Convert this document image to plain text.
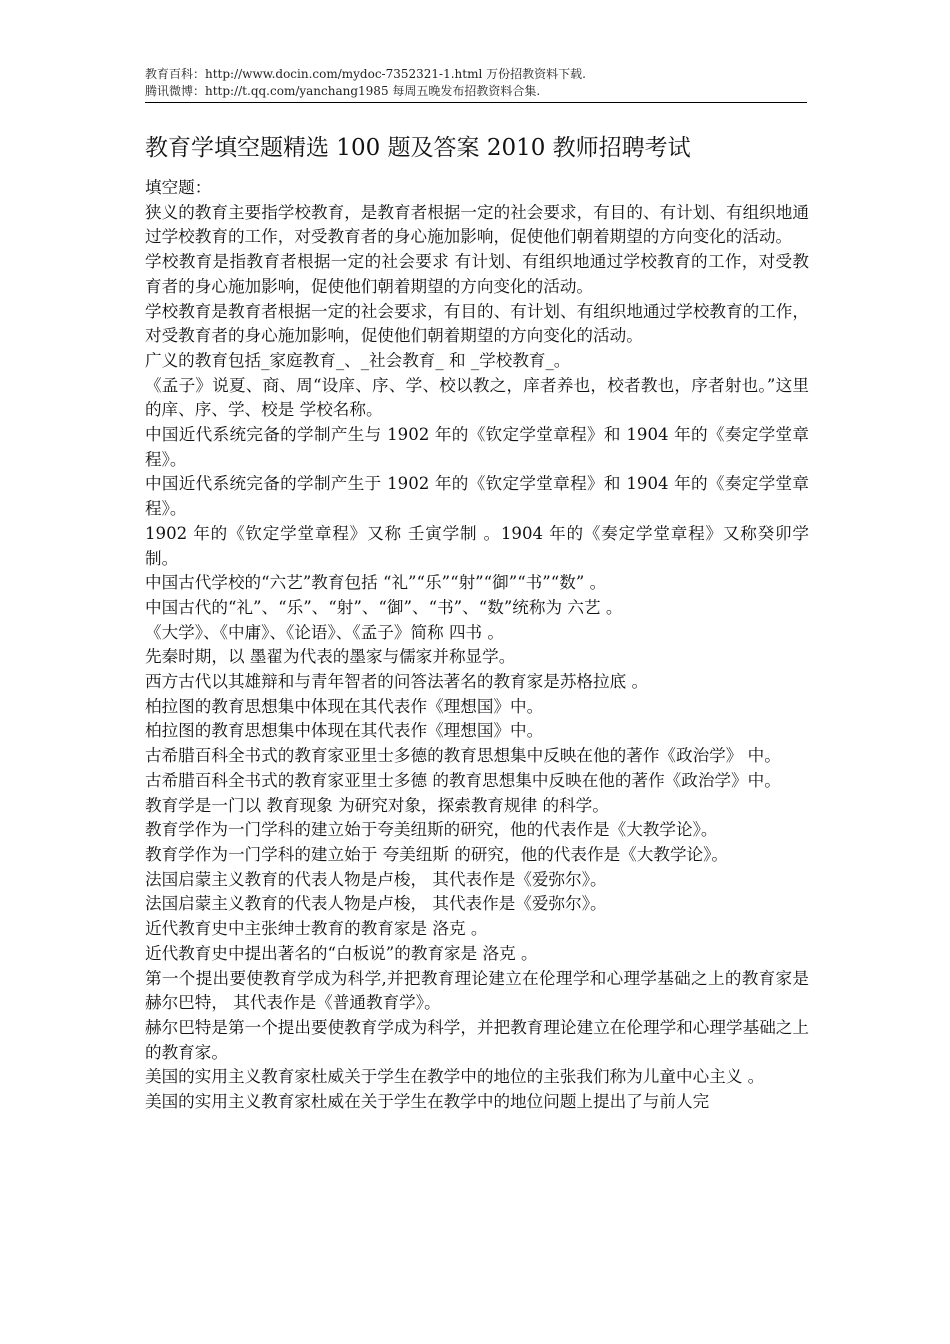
教育百科：http://www.docin.com/mydoc-7352321-1.html 万份招教资料下载.
腾讯微博：http://t.qq.com/yanchang1985 每周五晚发布招教资料合集.
教育学填空题精选 100 题及答案 2010 教师招聘考试

填空题：

狭义的教育主要指学校教育，是教育者根据一定的社会要求，有目的、有计划、有组织地通过学校教育的工作，对受教育者的身心施加影响，促使他们朝着期望的方向变化的活动。

学校教育是指教育者根据一定的社会要求 有计划、有组织地通过学校教育的工作，对受教育者的身心施加影响，促使他们朝着期望的方向变化的活动。

学校教育是教育者根据一定的社会要求，有目的、有计划、有组织地通过学校教育的工作，对受教育者的身心施加影响，促使他们朝着期望的方向变化的活动。

广义的教育包括_家庭教育_、_社会教育_ 和 _学校教育_。

《孟子》说夏、商、周“设庠、序、学、校以教之，庠者养也，校者教也，序者射也。”这里的庠、序、学、校是 学校名称。

中国近代系统完备的学制产生与 1902 年的《钦定学堂章程》和 1904 年的《奏定学堂章程》。

中国近代系统完备的学制产生于 1902 年的《钦定学堂章程》和 1904 年的《奏定学堂章程》。

1902 年的《钦定学堂章程》又称 壬寅学制 。1904 年的《奏定学堂章程》又称癸卯学制。

中国古代学校的“六艺”教育包括 “礼”“乐”“射”“御”“书”“数” 。

中国古代的“礼”、“乐”、“射”、“御”、“书”、“数”统称为 六艺 。

《大学》、《中庸》、《论语》、《孟子》简称 四书 。

先秦时期，以 墨翟为代表的墨家与儒家并称显学。

西方古代以其雄辩和与青年智者的问答法著名的教育家是苏格拉底 。

柏拉图的教育思想集中体现在其代表作《理想国》中。

柏拉图的教育思想集中体现在其代表作《理想国》中。

古希腊百科全书式的教育家亚里士多德的教育思想集中反映在他的著作《政治学》 中。

古希腊百科全书式的教育家亚里士多德 的教育思想集中反映在他的著作《政治学》中。

教育学是一门以 教育现象 为研究对象，探索教育规律 的科学。

教育学作为一门学科的建立始于夸美纽斯的研究，他的代表作是《大教学论》。

教育学作为一门学科的建立始于 夸美纽斯 的研究，他的代表作是《大教学论》。

法国启蒙主义教育的代表人物是卢梭， 其代表作是《爱弥尔》。

法国启蒙主义教育的代表人物是卢梭， 其代表作是《爱弥尔》。

近代教育史中主张绅士教育的教育家是 洛克 。

近代教育史中提出著名的“白板说”的教育家是 洛克 。

第一个提出要使教育学成为科学,并把教育理论建立在伦理学和心理学基础之上的教育家是 赫尔巴特， 其代表作是《普通教育学》。

赫尔巴特是第一个提出要使教育学成为科学，并把教育理论建立在伦理学和心理学基础之上的教育家。

美国的实用主义教育家杜威关于学生在教学中的地位的主张我们称为儿童中心主义 。

美国的实用主义教育家杜威在关于学生在教学中的地位问题上提出了与前人完
